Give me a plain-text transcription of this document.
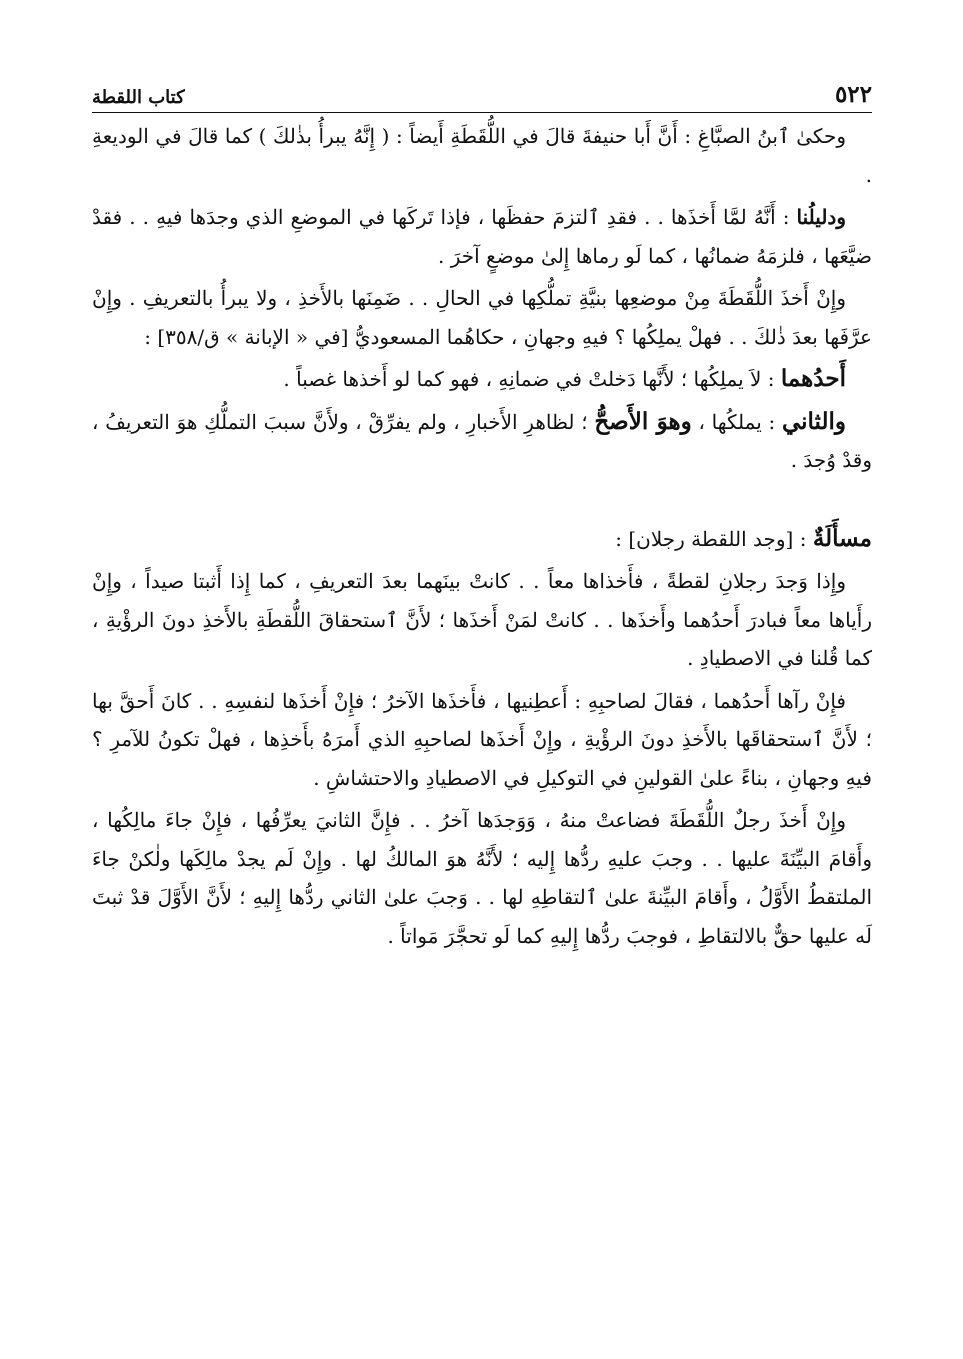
٥٢٢
كتاب اللقطة

وحكىٰ ٱبنُ الصبَّاغِ : أَنَّ أَبا حنيفةَ قالَ في اللُّقَطَةِ أَيضاً : ( إِنَّهُ يبرأُ بذٰلكَ ) كما قالَ في الوديعةِ .

ودليلُنا : أَنَّهُ لمَّا أَخذَها . . فقدِ ٱلتزمَ حفظَها ، فإذا تَركَها في الموضعِ الذي وجدَها فيهِ . . فقدْ ضيَّعَها ، فلزمَهُ ضمانُها ، كما لَو رماها إِلىٰ موضعٍ آخرَ .

وإِنْ أَخذَ اللُّقَطَةَ مِنْ موضعِها بنيَّةِ تملُّكِها في الحالِ . . ضَمِنَها بالأَخذِ ، ولا يبرأُ بالتعريفِ . وإِنْ عرَّفَها بعدَ ذٰلكَ . . فهلْ يملِكُها ؟ فيهِ وجهانِ ، حكاهُما المسعوديُّ [في « الإبانة » ق/٣٥٨] :

أَحدُهما : لاَ يملِكُها ؛ لأَنَّها دَخلتْ في ضمانِهِ ، فهو كما لو أَخذها غصباً .

والثاني : يملكُها ، وهوَ الأَصحُّ ؛ لظاهرِ الأَخبارِ ، ولم يفرِّقْ ، ولأَنَّ سببَ التملُّكِ هوَ التعريفُ ، وقدْ وُجدَ .

مسأَلَةٌ : [وجد اللقطة رجلان] :

وإِذا وَجدَ رجلانِ لقطةً ، فأَخذاها معاً . . كانتْ بينَهما بعدَ التعريفِ ، كما إِذا أَثبتا صيداً ، وإِنْ رأَياها معاً فبادرَ أَحدُهما وأَخذَها . . كانتْ لمَنْ أَخذَها ؛ لأَنَّ ٱستحقاقَ اللُّقطَةِ بالأَخذِ دونَ الرؤْيةِ ، كما قُلنا في الاصطيادِ .

فإِنْ رآها أَحدُهما ، فقالَ لصاحبِهِ : أَعطِنيها ، فأَخذَها الآخرُ ؛ فإِنْ أَخذَها لنفسِهِ . . كانَ أَحقَّ بها ؛ لأَنَّ ٱستحقاقَها بالأَخذِ دونَ الرؤْيةِ ، وإِنْ أَخذَها لصاحبِهِ الذي أَمرَهُ بأَخذِها ، فهلْ تكونُ للآمرِ ؟ فيهِ وجهانِ ، بناءً علىٰ القولينِ في التوكيلِ في الاصطيادِ والاحتشاشِ .

وإِنْ أَخذَ رجلٌ اللُّقَطَةَ فضاعتْ منهُ ، وَوَجدَها آخرُ . . فإِنَّ الثانيَ يعرِّفُها ، فإِنْ جاءَ مالِكُها ، وأَقامَ البيِّنَةَ عليها . . وجبَ عليهِ ردُّها إِليه ؛ لأَنَّهُ هوَ المالكُ لها . وإِنْ لَم يجدْ مالِكَها ولٰكنْ جاءَ الملتقطُ الأَوَّلُ ، وأَقامَ البيِّنةَ علىٰ ٱلتقاطِهِ لها . . وَجبَ علىٰ الثاني ردُّها إِليهِ ؛ لأَنَّ الأَوَّلَ قدْ ثبتَ لَه عليها حقٌّ بالالتقاطِ ، فوجبَ ردُّها إِليهِ كما لَو تحجَّرَ مَواتاً .
